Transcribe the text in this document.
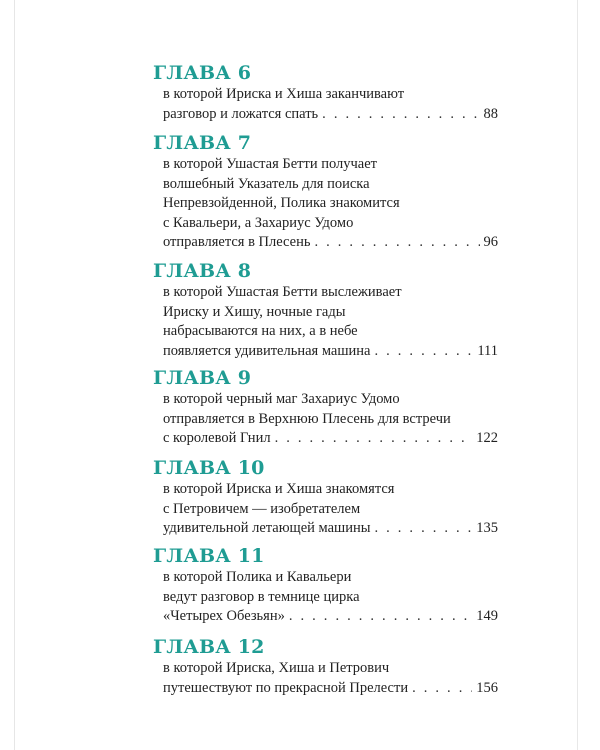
ГЛАВА 6
в которой Ириска и Хиша заканчивают
разговор и ложатся спать . . .	88
ГЛАВА 7
в которой Ушастая Бетти получает
волшебный Указатель для поиска
Непревзойденной, Полика знакомится
с Кавальери, а Захариус Удомо
отправляется в Плесень . . .	96
ГЛАВА 8
в которой Ушастая Бетти выслеживает
Ириску и Хишу, ночные гады
набрасываются на них, а в небе
появляется удивительная машина . . .	111
ГЛАВА 9
в которой черный маг Захариус Удомо
отправляется в Верхнюю Плесень для встречи
с королевой Гнил . . .	122
ГЛАВА 10
в которой Ириска и Хиша знакомятся
с Петровичем — изобретателем
удивительной летающей машины . . .	135
ГЛАВА 11
в которой Полика и Кавальери
ведут разговор в темнице цирка
«Четырех Обезьян» . . .	149
ГЛАВА 12
в которой Ириска, Хиша и Петрович
путешествуют по прекрасной Прелести . . .	156
